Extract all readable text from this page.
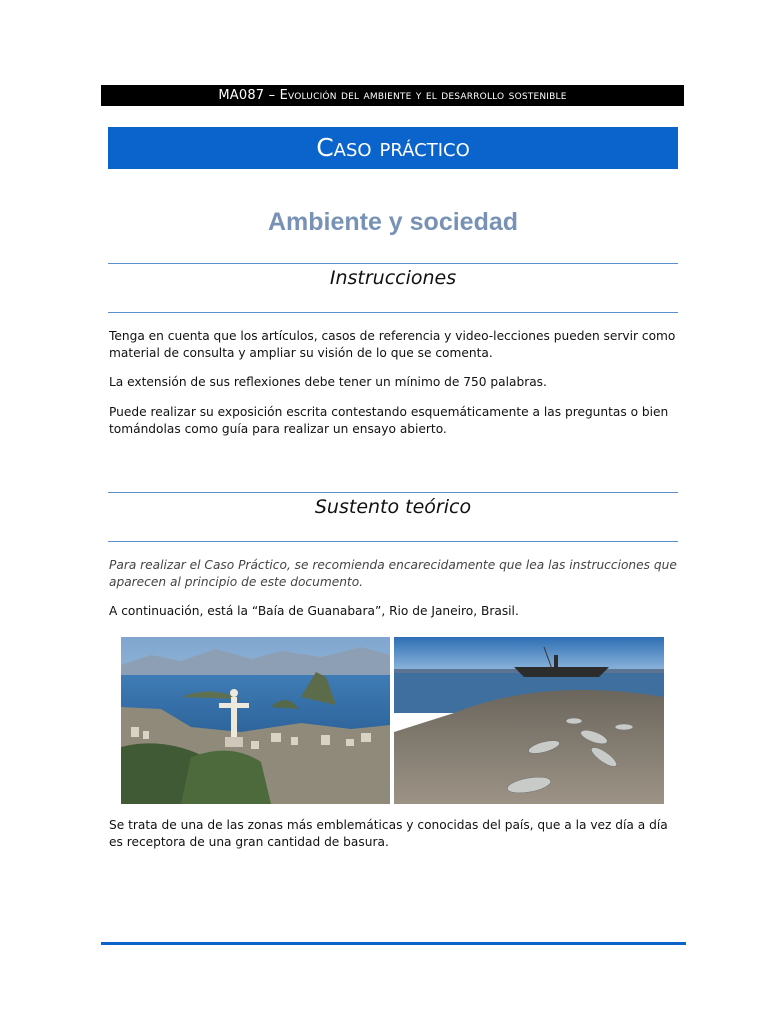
MA087 – Evolución del ambiente y el desarrollo sostenible
Caso práctico
Ambiente y sociedad
Instrucciones

Tenga en cuenta que los artículos, casos de referencia y video-lecciones pueden servir como material de consulta y ampliar su visión de lo que se comenta.

La extensión de sus reflexiones debe tener un mínimo de 750 palabras.

Puede realizar su exposición escrita contestando esquemáticamente a las preguntas o bien tomándolas como guía para realizar un ensayo abierto.

Sustento teórico

Para realizar el Caso Práctico, se recomienda encarecidamente que lea las instrucciones que aparecen al principio de este documento.

A continuación, está la “Baía de Guanabara”, Rio de Janeiro, Brasil.

Se trata de una de las zonas más emblemáticas y conocidas del país, que a la vez día a día es receptora de una gran cantidad de basura.
